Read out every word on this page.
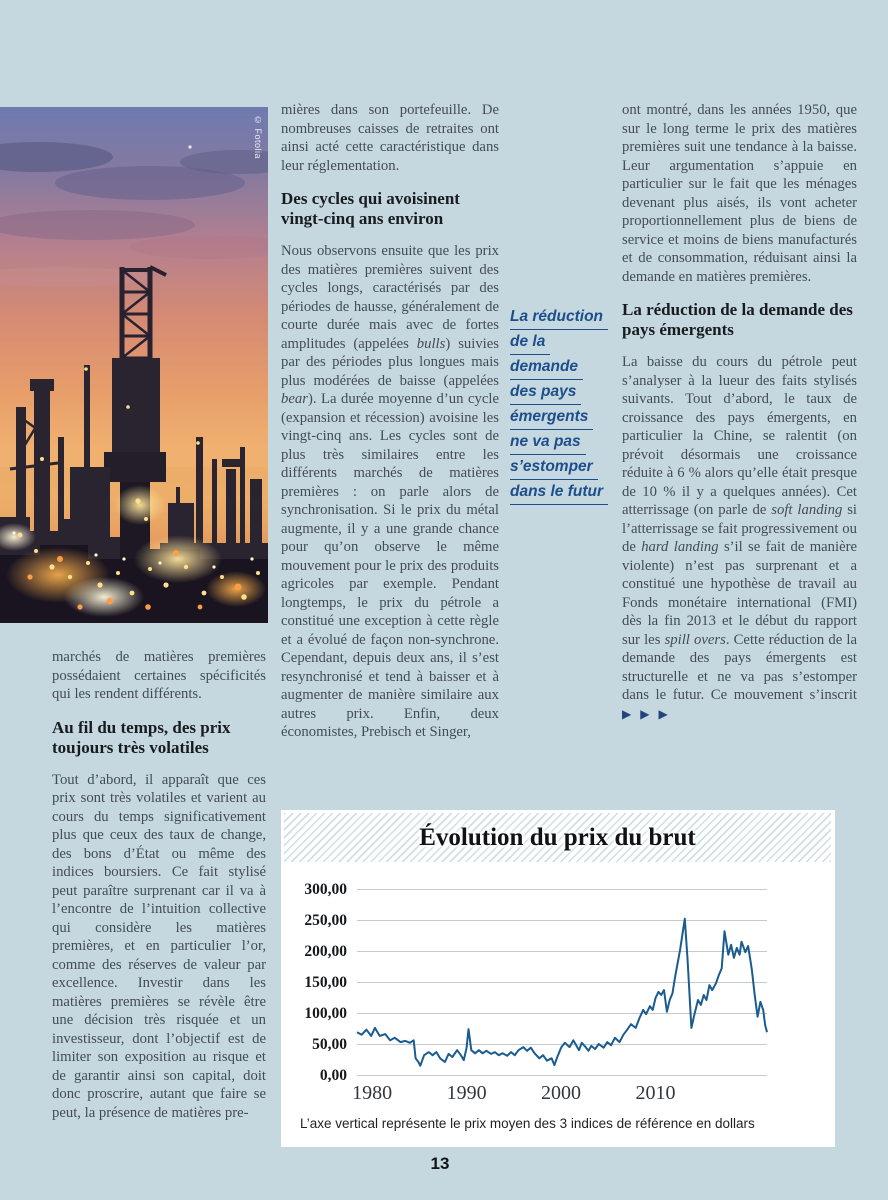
© Fotolia

marchés de matières premières possédaient certaines spécificités qui les rendent différents.

Au fil du temps, des prix toujours très volatiles

Tout d’abord, il apparaît que ces prix sont très volatiles et varient au cours du temps significativement plus que ceux des taux de change, des bons d’État ou même des indices boursiers. Ce fait stylisé peut paraître surprenant car il va à l’encontre de l’intuition collective qui considère les matières premières, et en particulier l’or, comme des réserves de valeur par excellence. Investir dans les matières premières se révèle être une décision très risquée et un investisseur, dont l’objectif est de limiter son exposition au risque et de garantir ainsi son capital, doit donc proscrire, autant que faire se peut, la présence de matières pre-

mières dans son portefeuille. De nombreuses caisses de retraites ont ainsi acté cette caractéristique dans leur réglementation.

Des cycles qui avoisinent vingt-cinq ans environ

Nous observons ensuite que les prix des matières premières suivent des cycles longs, caractérisés par des périodes de hausse, généralement de courte durée mais avec de fortes amplitudes (appelées bulls) suivies par des périodes plus longues mais plus modérées de baisse (appelées bear). La durée moyenne d’un cycle (expansion et récession) avoisine les vingt-cinq ans. Les cycles sont de plus très similaires entre les différents marchés de matières premières : on parle alors de synchronisation. Si le prix du métal augmente, il y a une grande chance pour qu’on observe le même mouvement pour le prix des produits agricoles par exemple. Pendant longtemps, le prix du pétrole a constitué une exception à cette règle et a évolué de façon non-synchrone. Cependant, depuis deux ans, il s’est resynchronisé et tend à baisser et à augmenter de manière similaire aux autres prix. Enfin, deux économistes, Prebisch et Singer,

ont montré, dans les années 1950, que sur le long terme le prix des matières premières suit une tendance à la baisse. Leur argumentation s’appuie en particulier sur le fait que les ménages devenant plus aisés, ils vont acheter proportionnellement plus de biens de service et moins de biens manufacturés et de consommation, réduisant ainsi la demande en matières premières.

La réduction de la demande des pays émergents

La baisse du cours du pétrole peut s’analyser à la lueur des faits stylisés suivants. Tout d’abord, le taux de croissance des pays émergents, en particulier la Chine, se ralentit (on prévoit désormais une croissance réduite à 6 % alors qu’elle était presque de 10 % il y a quelques années). Cet atterrissage (on parle de soft landing si l’atterrissage se fait progressivement ou de hard landing s’il se fait de manière violente) n’est pas surprenant et a constitué une hypothèse de travail au Fonds monétaire international (FMI) dès la fin 2013 et le début du rapport sur les spill overs. Cette réduction de la demande des pays émergents est structurelle et ne va pas s’estomper dans le futur. Ce mouvement s’inscrit ▶ ▶ ▶

La réduction
de la
demande
des pays
émergents
ne va pas
s’estomper
dans le futur
Évolution du prix du brut
300,00
250,00
200,00
150,00
100,00
50,00
0,00
1980	1990	2000	2010
L’axe vertical représente le prix moyen des 3 indices de référence en dollars
13
